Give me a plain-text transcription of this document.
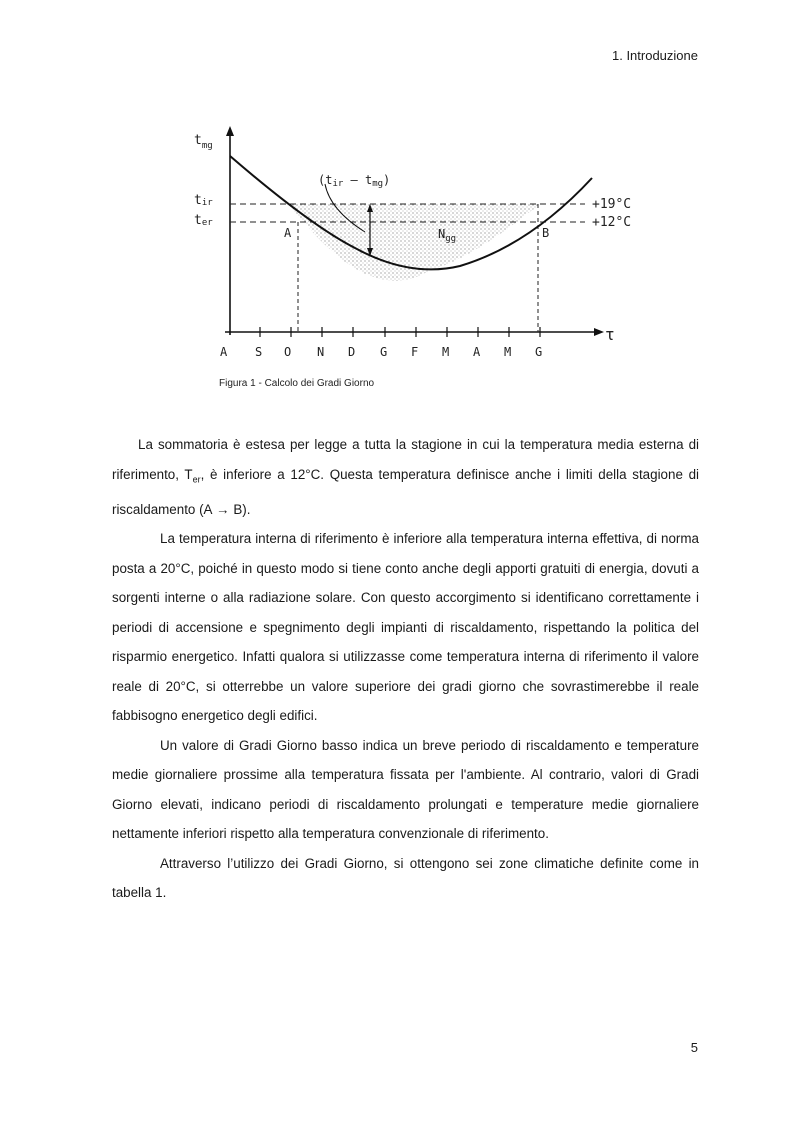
1. Introduzione
$t_{mg}$
tir
ter
(tir – tmg)
$N_{gg}$
A	B
+19°C
+12°C
τ
A S O N D G F M A M G
Figura 1 - Calcolo dei Gradi Giorno

La sommatoria è estesa per legge a tutta la stagione in cui la temperatura media esterna di riferimento, $T_{er}$, è inferiore a 12°C. Questa temperatura definisce anche i limiti della stagione di riscaldamento (A → B).

La temperatura interna di riferimento è inferiore alla temperatura interna effettiva, di norma posta a 20°C, poiché in questo modo si tiene conto anche degli apporti gratuiti di energia, dovuti a sorgenti interne o alla radiazione solare. Con questo accorgimento si identificano correttamente i periodi di accensione e spegnimento degli impianti di riscaldamento, rispettando la politica del risparmio energetico. Infatti qualora si utilizzasse come temperatura interna di riferimento il valore reale di 20°C, si otterrebbe un valore superiore dei gradi giorno che sovrastimerebbe il reale fabbisogno energetico degli edifici.

Un valore di Gradi Giorno basso indica un breve periodo di riscaldamento e temperature medie giornaliere prossime alla temperatura fissata per l'ambiente. Al contrario, valori di Gradi Giorno elevati, indicano periodi di riscaldamento prolungati e temperature medie giornaliere nettamente inferiori rispetto alla temperatura convenzionale di riferimento.

Attraverso l’utilizzo dei Gradi Giorno, si ottengono sei zone climatiche definite come in tabella 1.

5
